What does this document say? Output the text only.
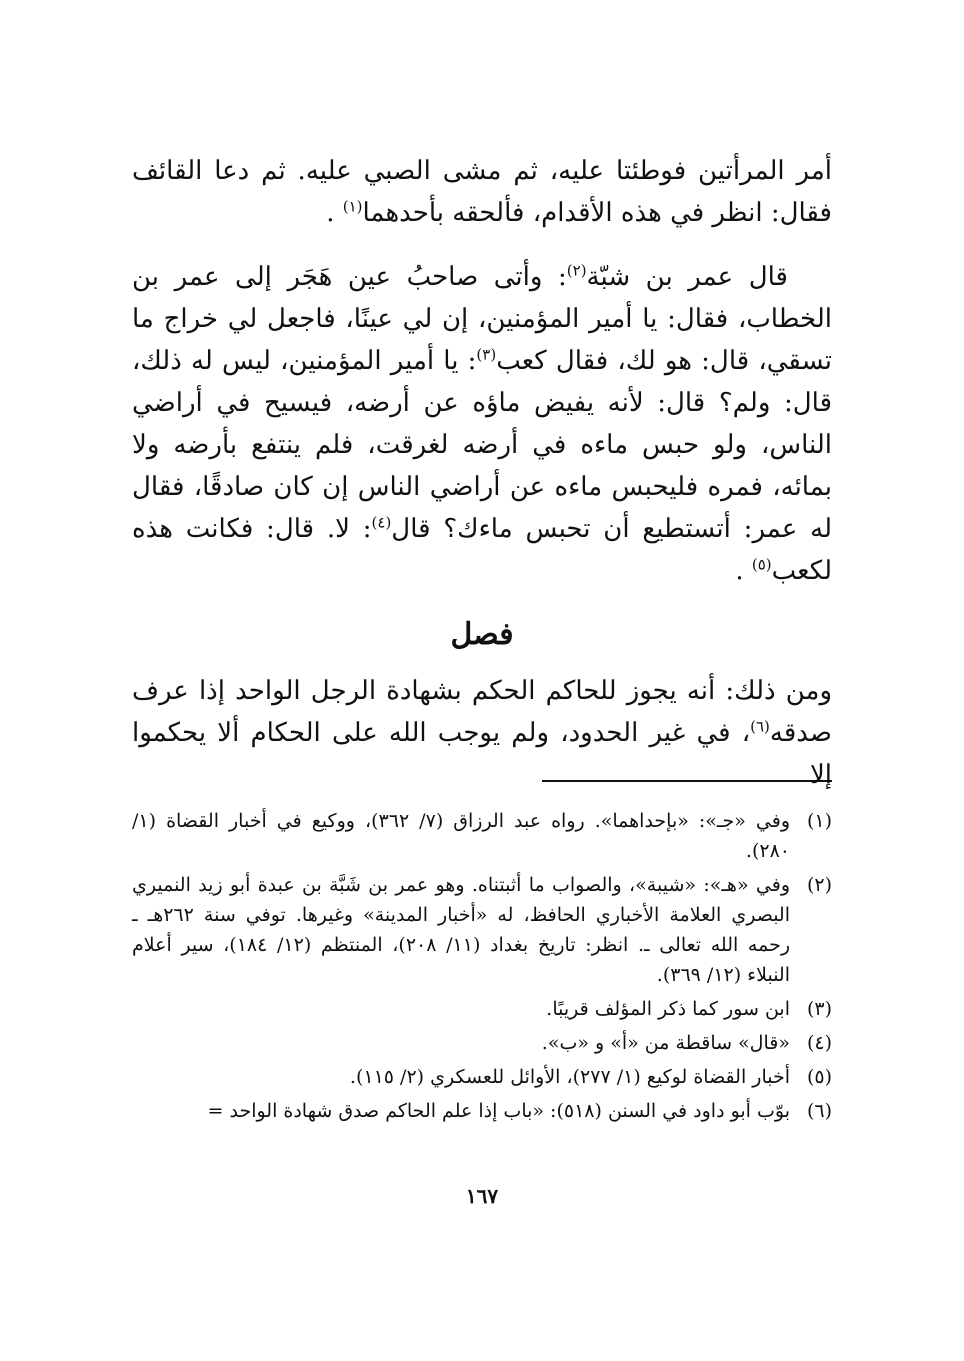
أمر المرأتين فوطئتا عليه، ثم مشى الصبي عليه. ثم دعا القائف فقال: انظر في هذه الأقدام، فألحقه بأحدهما$^{(١)}$ .

قال عمر بن شبّة$^{(٢)}$: وأتى صاحبُ عين هَجَر إلى عمر بن الخطاب، فقال: يا أمير المؤمنين، إن لي عينًا، فاجعل لي خراج ما تسقي، قال: هو لك، فقال كعب$^{(٣)}$: يا أمير المؤمنين، ليس له ذلك، قال: ولم؟ قال: لأنه يفيض ماؤه عن أرضه، فيسيح في أراضي الناس، ولو حبس ماءه في أرضه لغرقت، فلم ينتفع بأرضه ولا بمائه، فمره فليحبس ماءه عن أراضي الناس إن كان صادقًا، فقال له عمر: أتستطيع أن تحبس ماءك؟ قال$^{(٤)}$: لا. قال: فكانت هذه لكعب$^{(٥)}$ .

فصل

ومن ذلك: أنه يجوز للحاكم الحكم بشهادة الرجل الواحد إذا عرف صدقه$^{(٦)}$، في غير الحدود، ولم يوجب الله على الحكام ألا يحكموا إلا

(١)
وفي «جـ»: «بإحداهما». رواه عبد الرزاق (٧/ ٣٦٢)، ووكيع في أخبار القضاة (١/ ٢٨٠).
(٢)
وفي «هـ»: «شيبة»، والصواب ما أثبتناه. وهو عمر بن شَبَّة بن عبدة أبو زيد النميري البصري العلامة الأخباري الحافظ، له «أخبار المدينة» وغيرها. توفي سنة ٢٦٢هـ ـ رحمه الله تعالى ـ. انظر: تاريخ بغداد (١١/ ٢٠٨)، المنتظم (١٢/ ١٨٤)، سير أعلام النبلاء (١٢/ ٣٦٩).
(٣)
ابن سور كما ذكر المؤلف قريبًا.
(٤)
«قال» ساقطة من «أ» و «ب».
(٥)
أخبار القضاة لوكيع (١/ ٢٧٧)، الأوائل للعسكري (٢/ ١١٥).
(٦)
بوّب أبو داود في السنن (٥١٨): «باب إذا علم الحاكم صدق شهادة الواحد =
١٦٧
